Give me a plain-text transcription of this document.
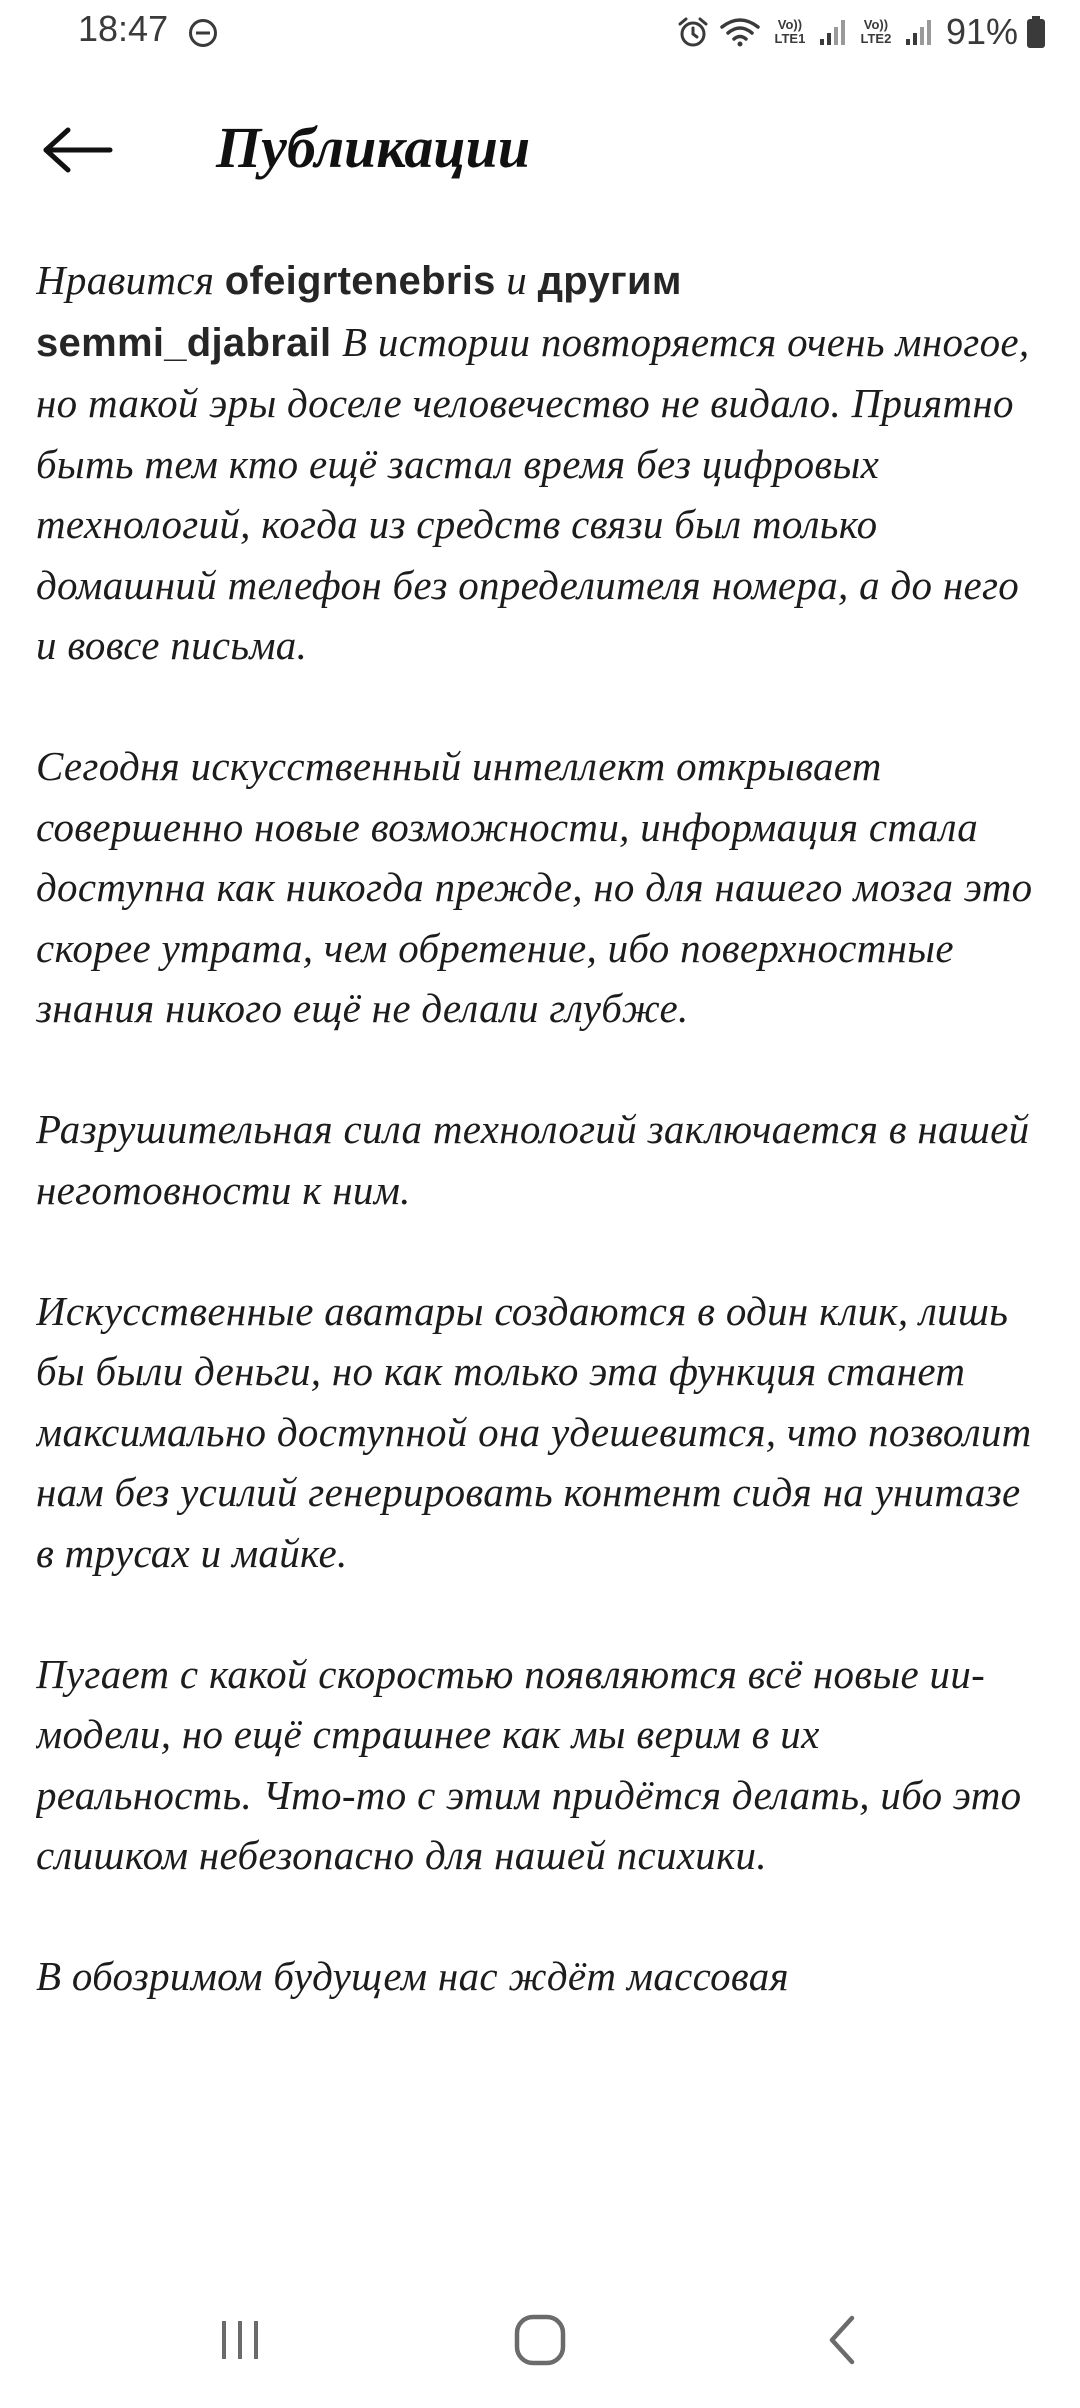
18:47	Vo)) LTE1
Vo)) LTE2 91%
Публикации

Нравится ofeigrtenebris и другим
semmi_djabrail В истории повторяется очень многое, но такой эры доселе человечество не видало. Приятно быть тем кто ещё застал время без цифровых технологий, когда из средств связи был только домашний телефон без определителя номера, а до него и вовсе письма.

Сегодня искусственный интеллект открывает совершенно новые возможности, информация стала доступна как никогда прежде, но для нашего мозга это скорее утрата, чем обретение, ибо поверхностные знания никого ещё не делали глубже.

Разрушительная сила технологий заключается в нашей неготовности к ним.

Искусственные аватары создаются в один клик, лишь бы были деньги, но как только эта функция станет максимально доступной она удешевится, что позволит нам без усилий генерировать контент сидя на унитазе в трусах и майке.

Пугает с какой скоростью появляются всё новые ии-модели, но ещё страшнее как мы верим в их реальность. Что-то с этим придётся делать, ибо это слишком небезопасно для нашей психики.

В обозримом будущем нас ждёт массовая
